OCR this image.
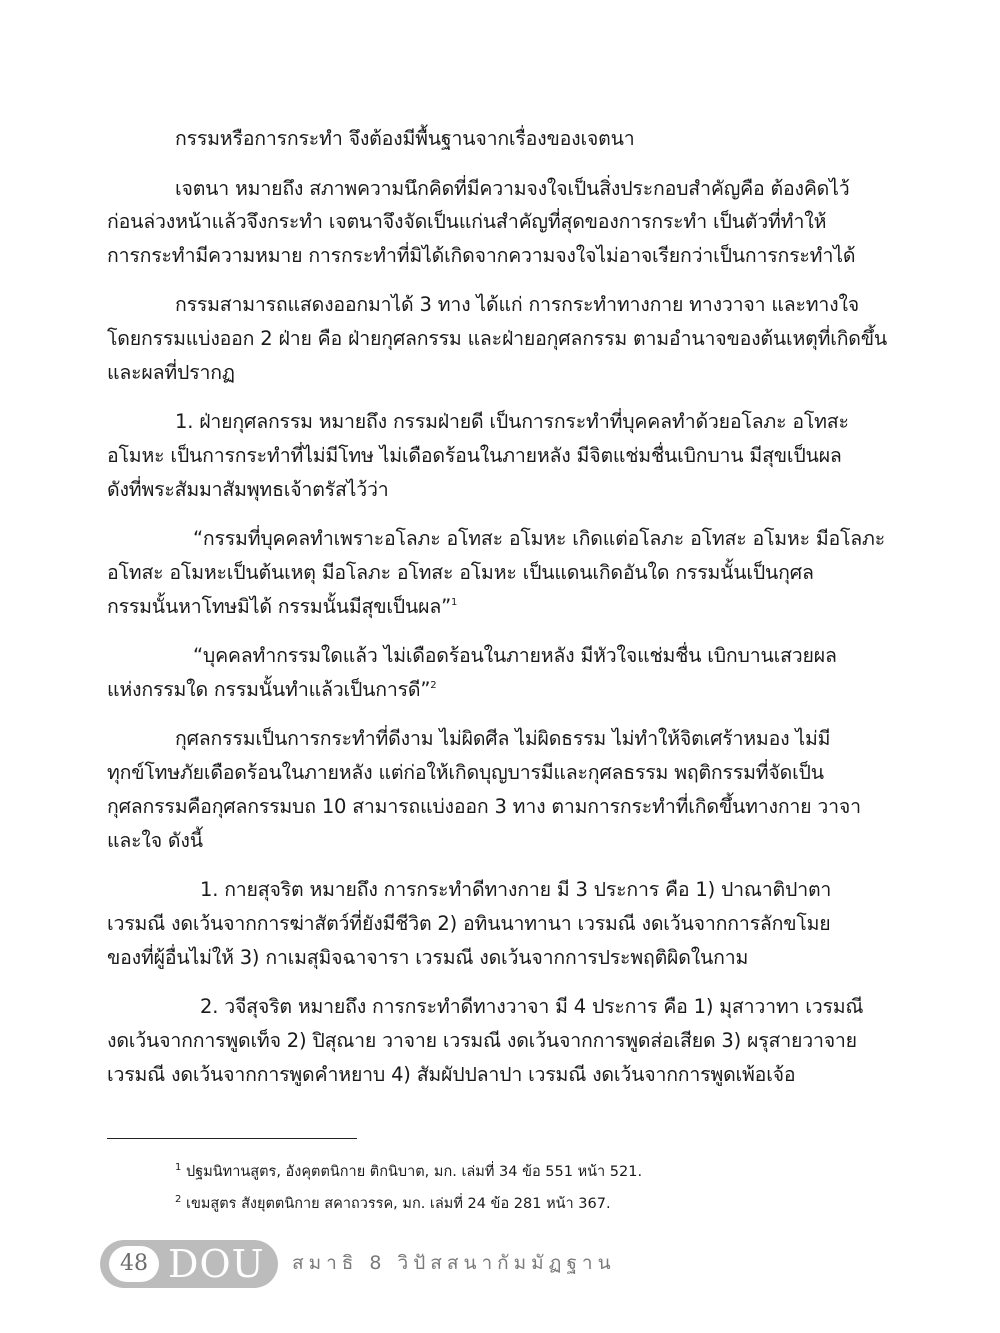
กรรมหรือการกระทำ จึงต้องมีพื้นฐานจากเรื่องของเจตนา
เจตนา หมายถึง สภาพความนึกคิดที่มีความจงใจเป็นสิ่งประกอบสำคัญคือ ต้องคิดไว้
ก่อนล่วงหน้าแล้วจึงกระทำ เจตนาจึงจัดเป็นแก่นสำคัญที่สุดของการกระทำ เป็นตัวที่ทำให้
การกระทำมีความหมาย การกระทำที่มิได้เกิดจากความจงใจไม่อาจเรียกว่าเป็นการกระทำได้
กรรมสามารถแสดงออกมาได้ 3 ทาง ได้แก่ การกระทำทางกาย ทางวาจา และทางใจ
โดยกรรมแบ่งออก 2 ฝ่าย คือ ฝ่ายกุศลกรรม และฝ่ายอกุศลกรรม ตามอำนาจของต้นเหตุที่เกิดขึ้น
และผลที่ปรากฏ
1. ฝ่ายกุศลกรรม หมายถึง กรรมฝ่ายดี เป็นการกระทำที่บุคคลทำด้วยอโลภะ อโทสะ
อโมหะ เป็นการกระทำที่ไม่มีโทษ ไม่เดือดร้อนในภายหลัง มีจิตแช่มชื่นเบิกบาน มีสุขเป็นผล
ดังที่พระสัมมาสัมพุทธเจ้าตรัสไว้ว่า
“กรรมที่บุคคลทำเพราะอโลภะ อโทสะ อโมหะ เกิดแต่อโลภะ อโทสะ อโมหะ มีอโลภะ
อโทสะ อโมหะเป็นต้นเหตุ มีอโลภะ อโทสะ อโมหะ เป็นแดนเกิดอันใด กรรมนั้นเป็นกุศล
กรรมนั้นหาโทษมิได้ กรรมนั้นมีสุขเป็นผล”$^1$
“บุคคลทำกรรมใดแล้ว ไม่เดือดร้อนในภายหลัง มีหัวใจแช่มชื่น เบิกบานเสวยผล
แห่งกรรมใด กรรมนั้นทำแล้วเป็นการดี”$^2$
กุศลกรรมเป็นการกระทำที่ดีงาม ไม่ผิดศีล ไม่ผิดธรรม ไม่ทำให้จิตเศร้าหมอง ไม่มี
ทุกข์โทษภัยเดือดร้อนในภายหลัง แต่ก่อให้เกิดบุญบารมีและกุศลธรรม พฤติกรรมที่จัดเป็น
กุศลกรรมคือกุศลกรรมบถ 10 สามารถแบ่งออก 3 ทาง ตามการกระทำที่เกิดขึ้นทางกาย วาจา
และใจ ดังนี้
1. กายสุจริต หมายถึง การกระทำดีทางกาย มี 3 ประการ คือ 1) ปาณาติปาตา
เวรมณี งดเว้นจากการฆ่าสัตว์ที่ยังมีชีวิต 2) อทินนาทานา เวรมณี งดเว้นจากการลักขโมย
ของที่ผู้อื่นไม่ให้ 3) กาเมสุมิจฉาจารา เวรมณี งดเว้นจากการประพฤติผิดในกาม
2. วจีสุจริต หมายถึง การกระทำดีทางวาจา มี 4 ประการ คือ 1) มุสาวาทา เวรมณี
งดเว้นจากการพูดเท็จ 2) ปิสุณาย วาจาย เวรมณี งดเว้นจากการพูดส่อเสียด 3) ผรุสายวาจาย
เวรมณี งดเว้นจากการพูดคำหยาบ 4) สัมผัปปลาปา เวรมณี งดเว้นจากการพูดเพ้อเจ้อ
$^1$ ปฐมนิทานสูตร, อังคุตตนิกาย ติกนิบาต, มก. เล่มที่ 34 ข้อ 551 หน้า 521.
$^2$ เขมสูตร สังยุตตนิกาย สคาถวรรค, มก. เล่มที่ 24 ข้อ 281 หน้า 367.
48 DOU สมาธิ 8 วิปัสสนากัมมัฏฐาน
